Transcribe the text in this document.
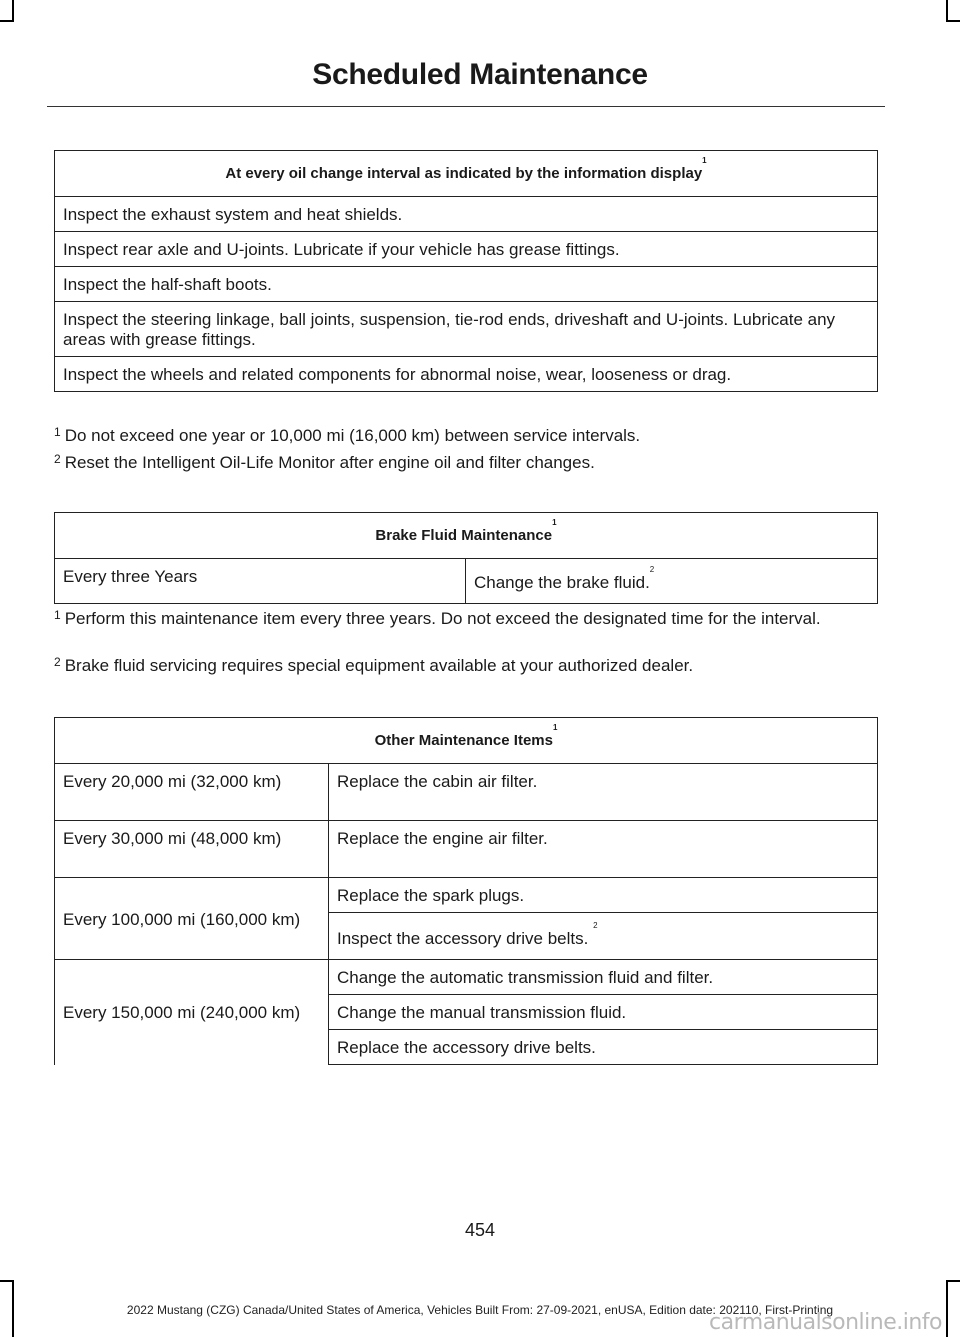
Scheduled Maintenance
At every oil change interval as indicated by the information display$^1$
Inspect the exhaust system and heat shields.
Inspect rear axle and U-joints. Lubricate if your vehicle has grease fittings.
Inspect the half-shaft boots.
Inspect the steering linkage, ball joints, suspension, tie-rod ends, driveshaft and U-joints. Lubricate any areas with grease fittings.
Inspect the wheels and related components for abnormal noise, wear, looseness or drag.
$^1$ Do not exceed one year or 10,000 mi (16,000 km) between service intervals.
$^2$ Reset the Intelligent Oil-Life Monitor after engine oil and filter changes.
Brake Fluid Maintenance$^1$
Every three Years	Change the brake fluid.$^2$
$^1$ Perform this maintenance item every three years. Do not exceed the designated time for the interval.
$^2$ Brake fluid servicing requires special equipment available at your authorized dealer.
Other Maintenance Items$^1$
Every 20,000 mi (32,000 km)	Replace the cabin air filter.
Every 30,000 mi (48,000 km)	Replace the engine air filter.
Every 100,000 mi (160,000 km)	Replace the spark plugs.
	Inspect the accessory drive belts. $^2$
Every 150,000 mi (240,000 km)	Change the automatic transmission fluid and filter.
	Change the manual transmission fluid.
	Replace the accessory drive belts.
454
2022 Mustang (CZG) Canada/United States of America, Vehicles Built From: 27-09-2021, enUSA, Edition date: 202110, First-Printing
carmanualsonline.info
